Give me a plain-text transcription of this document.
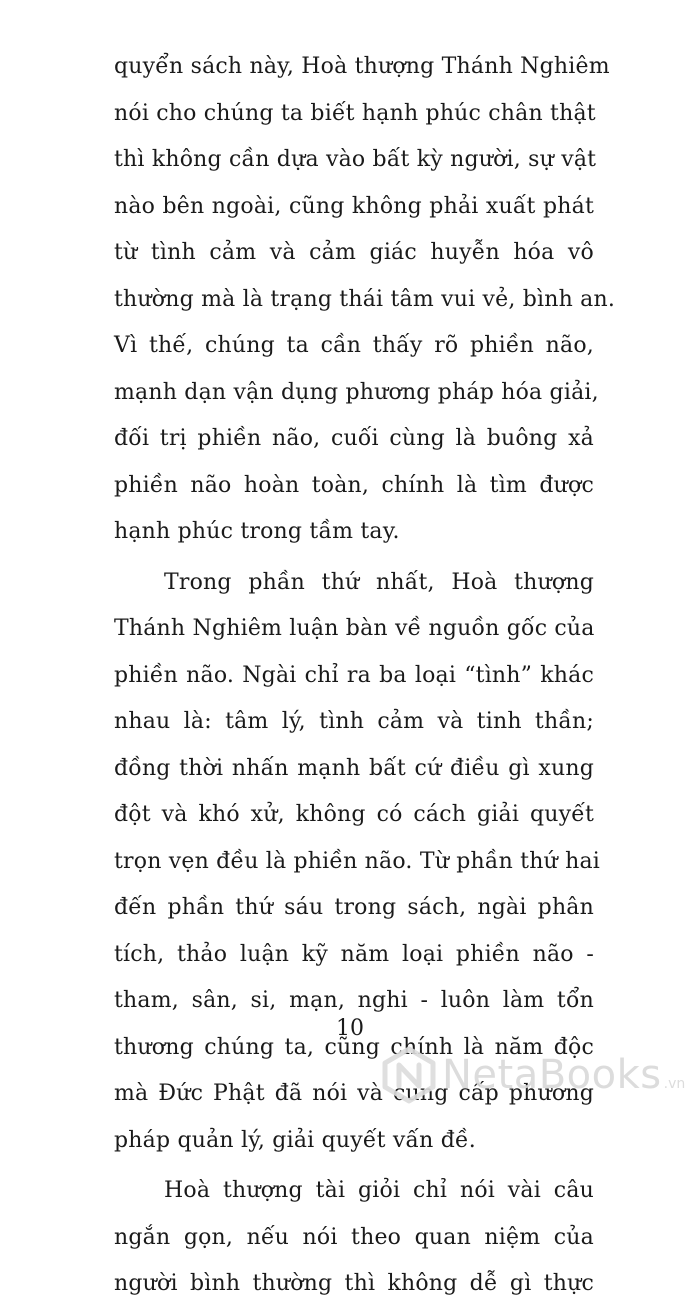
quyển sách này, Hoà thượng Thánh Nghiêm
nói cho chúng ta biết hạnh phúc chân thật
thì không cần dựa vào bất kỳ người, sự vật
nào bên ngoài, cũng không phải xuất phát
từ tình cảm và cảm giác huyễn hóa vô
thường mà là trạng thái tâm vui vẻ, bình an.
Vì thế, chúng ta cần thấy rõ phiền não,
mạnh dạn vận dụng phương pháp hóa giải,
đối trị phiền não, cuối cùng là buông xả
phiền não hoàn toàn, chính là tìm được
hạnh phúc trong tầm tay.
Trong phần thứ nhất, Hoà thượng
Thánh Nghiêm luận bàn về nguồn gốc của
phiền não. Ngài chỉ ra ba loại “tình” khác
nhau là: tâm lý, tình cảm và tinh thần;
đồng thời nhấn mạnh bất cứ điều gì xung
đột và khó xử, không có cách giải quyết
trọn vẹn đều là phiền não. Từ phần thứ hai
đến phần thứ sáu trong sách, ngài phân
tích, thảo luận kỹ năm loại phiền não -
tham, sân, si, mạn, nghi - luôn làm tổn
thương chúng ta, cũng chính là năm độc
mà Đức Phật đã nói và cung cấp phương
pháp quản lý, giải quyết vấn đề.
Hoà thượng tài giỏi chỉ nói vài câu
ngắn gọn, nếu nói theo quan niệm của
người bình thường thì không dễ gì thực
10
NetaBooks .vn
